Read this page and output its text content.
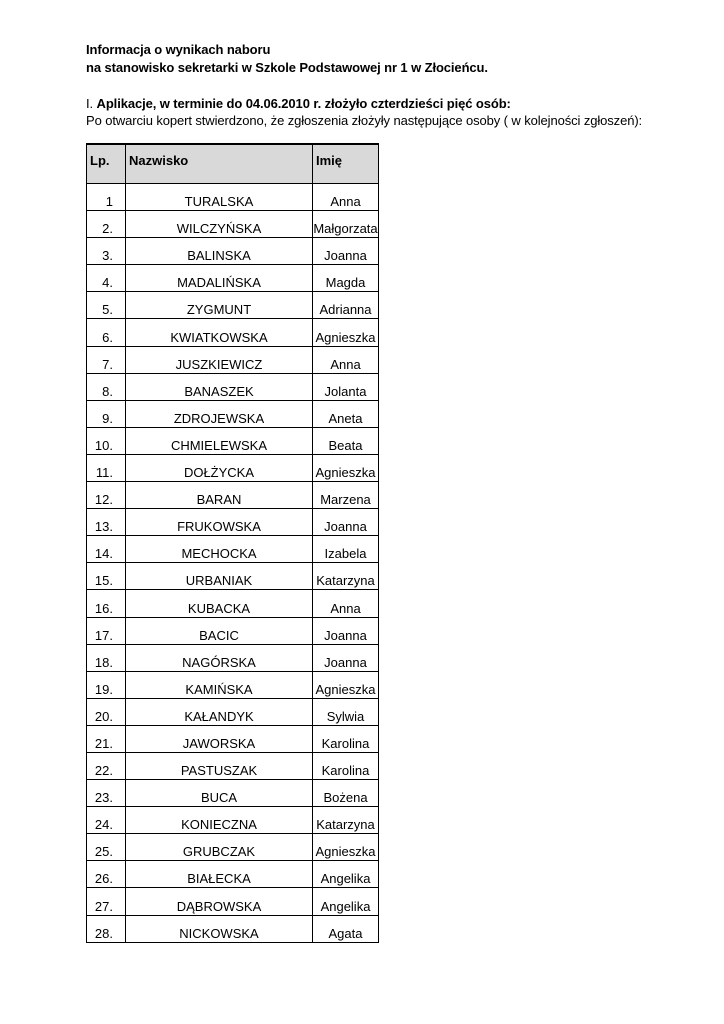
Informacja o wynikach naboru
na stanowisko sekretarki w Szkole Podstawowej nr 1 w Złocieńcu.
I. Aplikacje, w terminie do 04.06.2010 r. złożyło czterdzieści pięć osób:
Po otwarciu kopert stwierdzono, że zgłoszenia złożyły następujące osoby ( w kolejności zgłoszeń):
Lp.	Nazwisko	Imię
1	TURALSKA	Anna
2.	WILCZYŃSKA	Małgorzata
3.	BALINSKA	Joanna
4.	MADALIŃSKA	Magda
5.	ZYGMUNT	Adrianna
6.	KWIATKOWSKA	Agnieszka
7.	JUSZKIEWICZ	Anna
8.	BANASZEK	Jolanta
9.	ZDROJEWSKA	Aneta
10.	CHMIELEWSKA	Beata
11.	DOŁŻYCKA	Agnieszka
12.	BARAN	Marzena
13.	FRUKOWSKA	Joanna
14.	MECHOCKA	Izabela
15.	URBANIAK	Katarzyna
16.	KUBACKA	Anna
17.	BACIC	Joanna
18.	NAGÓRSKA	Joanna
19.	KAMIŃSKA	Agnieszka
20.	KAŁANDYK	Sylwia
21.	JAWORSKA	Karolina
22.	PASTUSZAK	Karolina
23.	BUCA	Bożena
24.	KONIECZNA	Katarzyna
25.	GRUBCZAK	Agnieszka
26.	BIAŁECKA	Angelika
27.	DĄBROWSKA	Angelika
28.	NICKOWSKA	Agata
